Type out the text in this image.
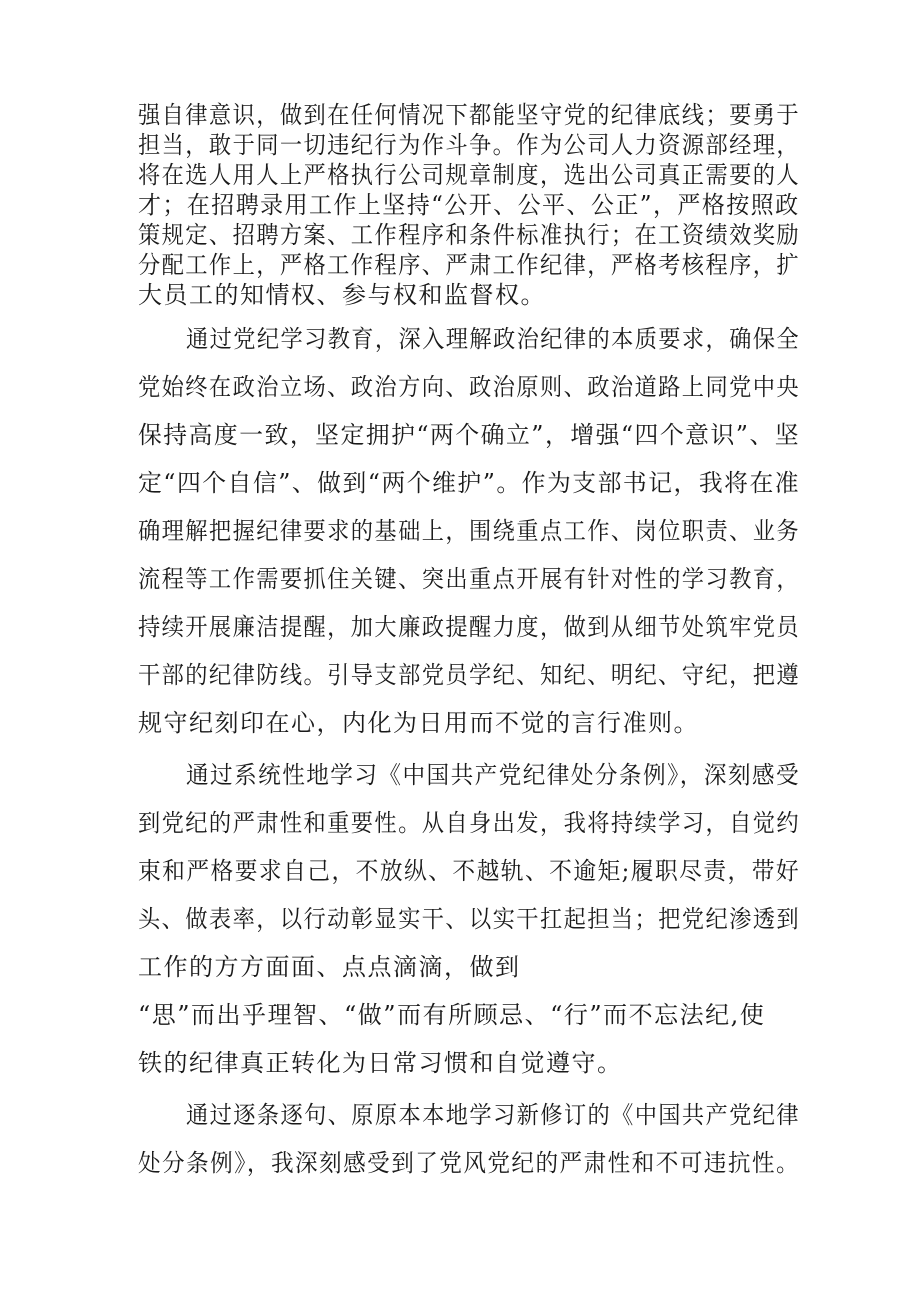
强自律意识，做到在任何情况下都能坚守党的纪律底线；要勇于
担当，敢于同一切违纪行为作斗争。作为公司人力资源部经理，
将在选人用人上严格执行公司规章制度，选出公司真正需要的人
才；在招聘录用工作上坚持“公开、公平、公正”，严格按照政
策规定、招聘方案、工作程序和条件标准执行；在工资绩效奖励
分配工作上，严格工作程序、严肃工作纪律，严格考核程序，扩
大员工的知情权、参与权和监督权。
通过党纪学习教育，深入理解政治纪律的本质要求，确保全
党始终在政治立场、政治方向、政治原则、政治道路上同党中央
保持高度一致，坚定拥护“两个确立”，增强“四个意识”、坚
定“四个自信”、做到“两个维护”。作为支部书记，我将在准
确理解把握纪律要求的基础上，围绕重点工作、岗位职责、业务
流程等工作需要抓住关键、突出重点开展有针对性的学习教育，
持续开展廉洁提醒，加大廉政提醒力度，做到从细节处筑牢党员
干部的纪律防线。引导支部党员学纪、知纪、明纪、守纪，把遵
规守纪刻印在心，内化为日用而不觉的言行准则。
通过系统性地学习《中国共产党纪律处分条例》，深刻感受
到党纪的严肃性和重要性。从自身出发，我将持续学习，自觉约
束和严格要求自己，不放纵、不越轨、不逾矩;履职尽责，带好
头、做表率，以行动彰显实干、以实干扛起担当；把党纪渗透到
工作的方方面面、点点滴滴，做到
“思”而出乎理智、“做”而有所顾忌、“行”而不忘法纪,使
铁的纪律真正转化为日常习惯和自觉遵守。
通过逐条逐句、原原本本地学习新修订的《中国共产党纪律
处分条例》，我深刻感受到了党风党纪的严肃性和不可违抗性。
